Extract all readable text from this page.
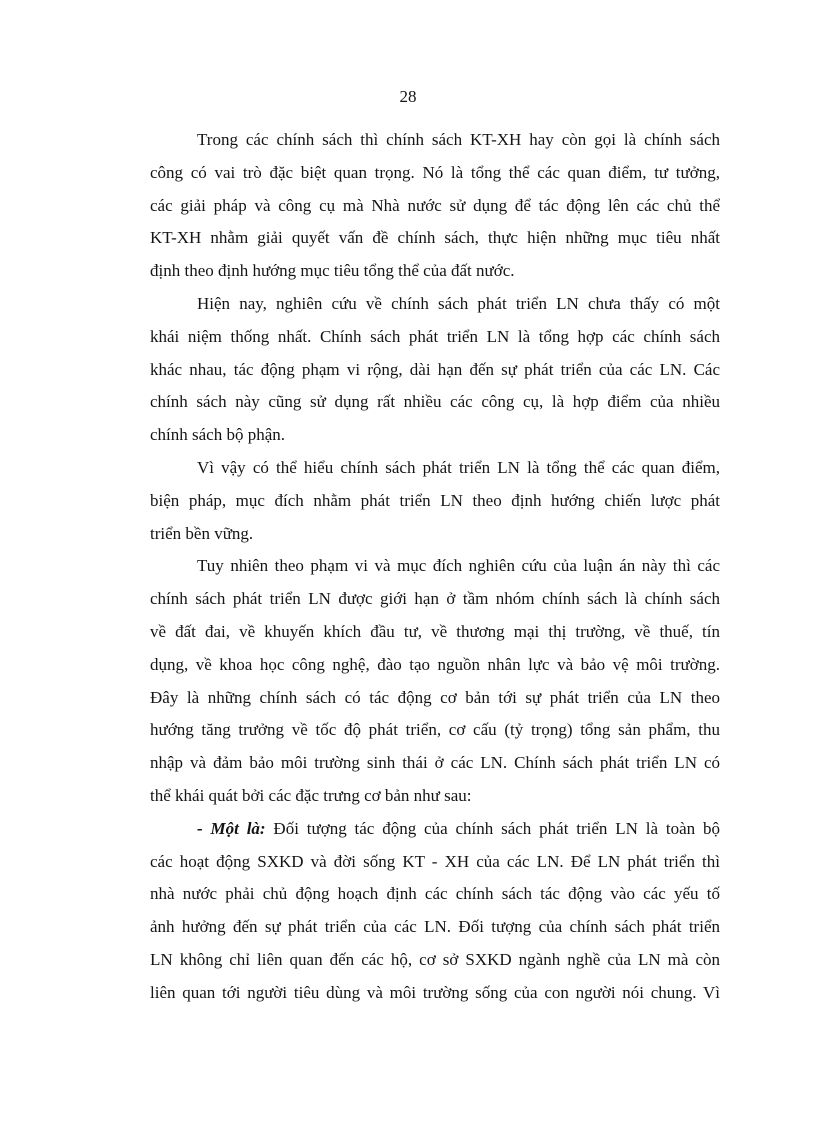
28

Trong các chính sách thì chính sách KT-XH hay còn gọi là chính sách
công có vai trò đặc biệt quan trọng. Nó là tổng thể các quan điểm, tư tưởng,
các giải pháp và công cụ mà Nhà nước sử dụng để tác động lên các chủ thể
KT-XH nhằm giải quyết vấn đề chính sách, thực hiện những mục tiêu nhất
định theo định hướng mục tiêu tổng thể của đất nước.

Hiện nay, nghiên cứu về chính sách phát triển LN chưa thấy có một
khái niệm thống nhất. Chính sách phát triển LN là tổng hợp các chính sách
khác nhau, tác động phạm vi rộng, dài hạn đến sự phát triển của các LN. Các
chính sách này cũng sử dụng rất nhiều các công cụ, là hợp điểm của nhiều
chính sách bộ phận.

Vì vậy có thể hiểu chính sách phát triển LN là tổng thể các quan điểm,
biện pháp, mục đích nhằm phát triển LN theo định hướng chiến lược phát
triển bền vững.

Tuy nhiên theo phạm vi và mục đích nghiên cứu của luận án này thì các
chính sách phát triển LN được giới hạn ở tầm nhóm chính sách là chính sách
về đất đai, về khuyến khích đầu tư, về thương mại thị trường, về thuế, tín
dụng, về khoa học công nghệ, đào tạo nguồn nhân lực và bảo vệ môi trường.
Đây là những chính sách có tác động cơ bản tới sự phát triển của LN theo
hướng tăng trưởng về tốc độ phát triển, cơ cấu (tỷ trọng) tổng sản phẩm, thu
nhập và đảm bảo môi trường sinh thái ở các LN. Chính sách phát triển LN có
thể khái quát bởi các đặc trưng cơ bản như sau:

- Một là: Đối tượng tác động của chính sách phát triển LN là toàn bộ
các hoạt động SXKD và đời sống KT - XH của các LN. Để LN phát triển thì
nhà nước phải chủ động hoạch định các chính sách tác động vào các yếu tố
ảnh hưởng đến sự phát triển của các LN. Đối tượng của chính sách phát triển
LN không chỉ liên quan đến các hộ, cơ sở SXKD ngành nghề của LN mà còn
liên quan tới người tiêu dùng và môi trường sống của con người nói chung. Vì
